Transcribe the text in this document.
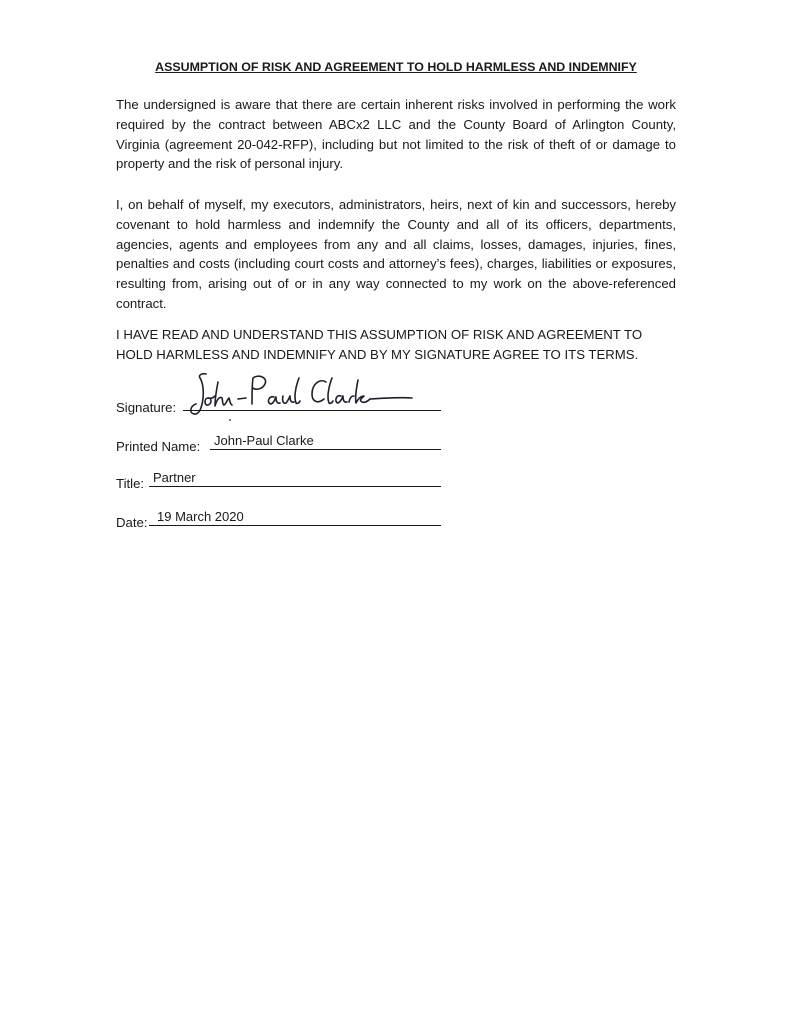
ASSUMPTION OF RISK AND AGREEMENT TO HOLD HARMLESS AND INDEMNIFY
The undersigned is aware that there are certain inherent risks involved in performing the work required by the contract between ABCx2 LLC and the County Board of Arlington County, Virginia (agreement 20-042-RFP), including but not limited to the risk of theft of or damage to property and the risk of personal injury.
I, on behalf of myself, my executors, administrators, heirs, next of kin and successors, hereby covenant to hold harmless and indemnify the County and all of its officers, departments, agencies, agents and employees from any and all claims, losses, damages, injuries, fines, penalties and costs (including court costs and attorney’s fees), charges, liabilities or exposures, resulting from, arising out of or in any way connected to my work on the above-referenced contract.
I HAVE READ AND UNDERSTAND THIS ASSUMPTION OF RISK AND AGREEMENT TO HOLD HARMLESS AND INDEMNIFY AND BY MY SIGNATURE AGREE TO ITS TERMS.
Signature:
Printed Name: John-Paul Clarke
Title: Partner
Date: 19 March 2020
